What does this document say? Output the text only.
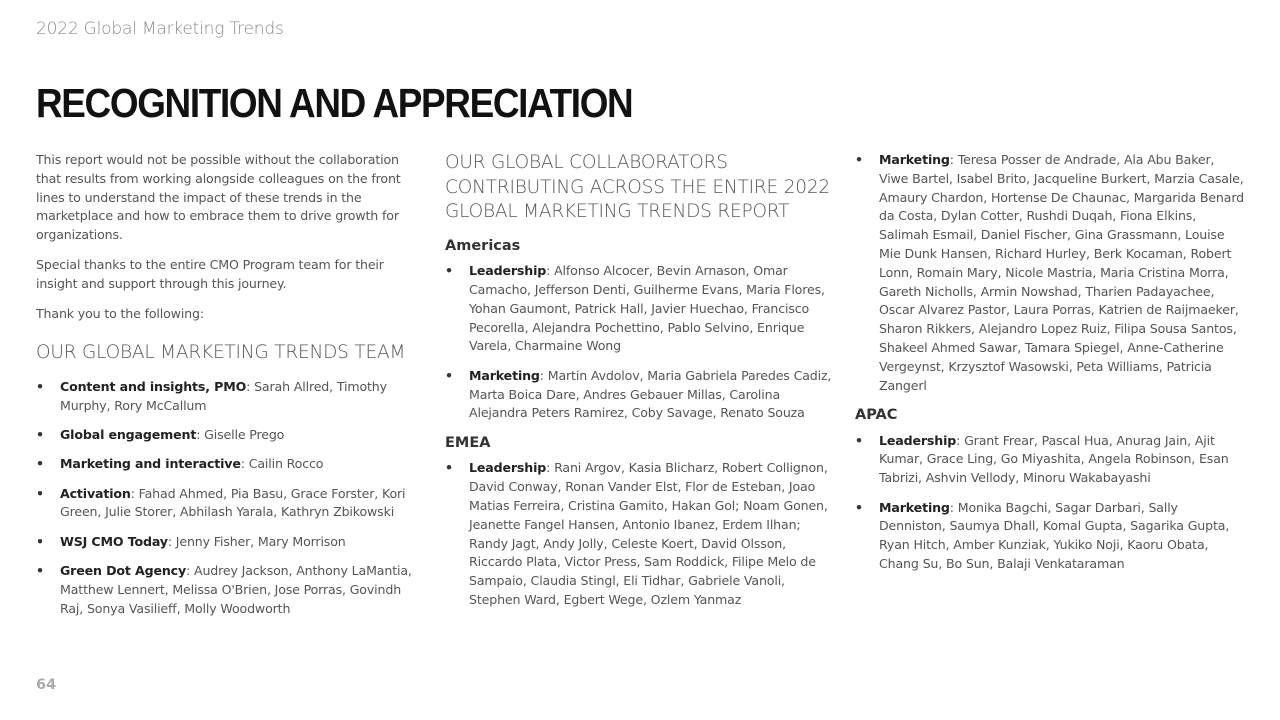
2022 Global Marketing Trends
RECOGNITION AND APPRECIATION

This report would not be possible without the collaboration that results from working alongside colleagues on the front lines to understand the impact of these trends in the marketplace and how to embrace them to drive growth for organizations.

Special thanks to the entire CMO Program team for their insight and support through this journey.

Thank you to the following:

OUR GLOBAL MARKETING TRENDS TEAM
• Content and insights, PMO: Sarah Allred, Timothy Murphy, Rory McCallum
• Global engagement: Giselle Prego
• Marketing and interactive: Cailin Rocco
• Activation: Fahad Ahmed, Pia Basu, Grace Forster, Kori Green, Julie Storer, Abhilash Yarala, Kathryn Zbikowski
• WSJ CMO Today: Jenny Fisher, Mary Morrison
• Green Dot Agency: Audrey Jackson, Anthony LaMantia, Matthew Lennert, Melissa O'Brien, Jose Porras, Govindh Raj, Sonya Vasilieff, Molly Woodworth
OUR GLOBAL COLLABORATORS CONTRIBUTING ACROSS THE ENTIRE 2022 GLOBAL MARKETING TRENDS REPORT
Americas
• Leadership: Alfonso Alcocer, Bevin Arnason, Omar Camacho, Jefferson Denti, Guilherme Evans, Maria Flores, Yohan Gaumont, Patrick Hall, Javier Huechao, Francisco Pecorella, Alejandra Pochettino, Pablo Selvino, Enrique Varela, Charmaine Wong
• Marketing: Martin Avdolov, Maria Gabriela Paredes Cadiz, Marta Boica Dare, Andres Gebauer Millas, Carolina Alejandra Peters Ramirez, Coby Savage, Renato Souza
EMEA
• Leadership: Rani Argov, Kasia Blicharz, Robert Collignon, David Conway, Ronan Vander Elst, Flor de Esteban, Joao Matias Ferreira, Cristina Gamito, Hakan Gol; Noam Gonen, Jeanette Fangel Hansen, Antonio Ibanez, Erdem Ilhan; Randy Jagt, Andy Jolly, Celeste Koert, David Olsson, Riccardo Plata, Victor Press, Sam Roddick, Filipe Melo de Sampaio, Claudia Stingl, Eli Tidhar, Gabriele Vanoli, Stephen Ward, Egbert Wege, Ozlem Yanmaz
• Marketing: Teresa Posser de Andrade, Ala Abu Baker, Viwe Bartel, Isabel Brito, Jacqueline Burkert, Marzia Casale, Amaury Chardon, Hortense De Chaunac, Margarida Benard da Costa, Dylan Cotter, Rushdi Duqah, Fiona Elkins, Salimah Esmail, Daniel Fischer, Gina Grassmann, Louise Mie Dunk Hansen, Richard Hurley, Berk Kocaman, Robert Lonn, Romain Mary, Nicole Mastria, Maria Cristina Morra, Gareth Nicholls, Armin Nowshad, Tharien Padayachee, Oscar Alvarez Pastor, Laura Porras, Katrien de Raijmaeker, Sharon Rikkers, Alejandro Lopez Ruiz, Filipa Sousa Santos, Shakeel Ahmed Sawar, Tamara Spiegel, Anne-Catherine Vergeynst, Krzysztof Wasowski, Peta Williams, Patricia Zangerl
APAC
• Leadership: Grant Frear, Pascal Hua, Anurag Jain, Ajit Kumar, Grace Ling, Go Miyashita, Angela Robinson, Esan Tabrizi, Ashvin Vellody, Minoru Wakabayashi
• Marketing: Monika Bagchi, Sagar Darbari, Sally Denniston, Saumya Dhall, Komal Gupta, Sagarika Gupta, Ryan Hitch, Amber Kunziak, Yukiko Noji, Kaoru Obata, Chang Su, Bo Sun, Balaji Venkataraman
64
